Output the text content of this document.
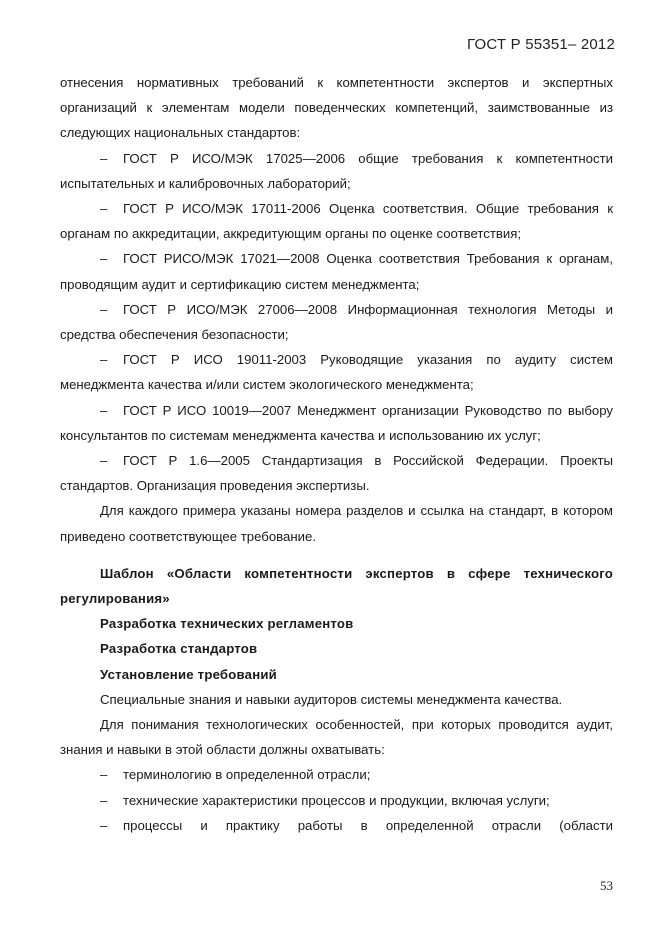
ГОСТ Р 55351– 2012

отнесения нормативных требований к компетентности экспертов и экспертных организаций к элементам модели поведенческих компетенций, заимствованные из следующих национальных стандартов:

– ГОСТ Р ИСО/МЭК 17025—2006 общие требования к компетентности испытательных и калибровочных лабораторий;

– ГОСТ Р ИСО/МЭК 17011-2006 Оценка соответствия. Общие требования к органам по аккредитации, аккредитующим органы по оценке соответствия;

– ГОСТ РИСО/МЭК 17021—2008 Оценка соответствия Требования к органам, проводящим аудит и сертификацию систем менеджмента;

– ГОСТ Р ИСО/МЭК 27006—2008 Информационная технология Методы и средства обеспечения безопасности;

– ГОСТ Р ИСО 19011-2003 Руководящие указания по аудиту систем менеджмента качества и/или систем экологического менеджмента;

– ГОСТ Р ИСО 10019—2007 Менеджмент организации Руководство по выбору консультантов по системам менеджмента качества и использованию их услуг;

– ГОСТ Р 1.6—2005 Стандартизация в Российской Федерации. Проекты стандартов. Организация проведения экспертизы.

Для каждого примера указаны номера разделов и ссылка на стандарт, в котором приведено соответствующее требование.

Шаблон «Области компетентности экспертов в сфере технического регулирования»

Разработка технических регламентов

Разработка стандартов

Установление требований

Специальные знания и навыки аудиторов системы менеджмента качества.

Для понимания технологических особенностей, при которых проводится аудит, знания и навыки в этой области должны охватывать:

– терминологию в определенной отрасли;

– технические характеристики процессов и продукции, включая услуги;

– процессы и практику работы в определенной отрасли (области

53
